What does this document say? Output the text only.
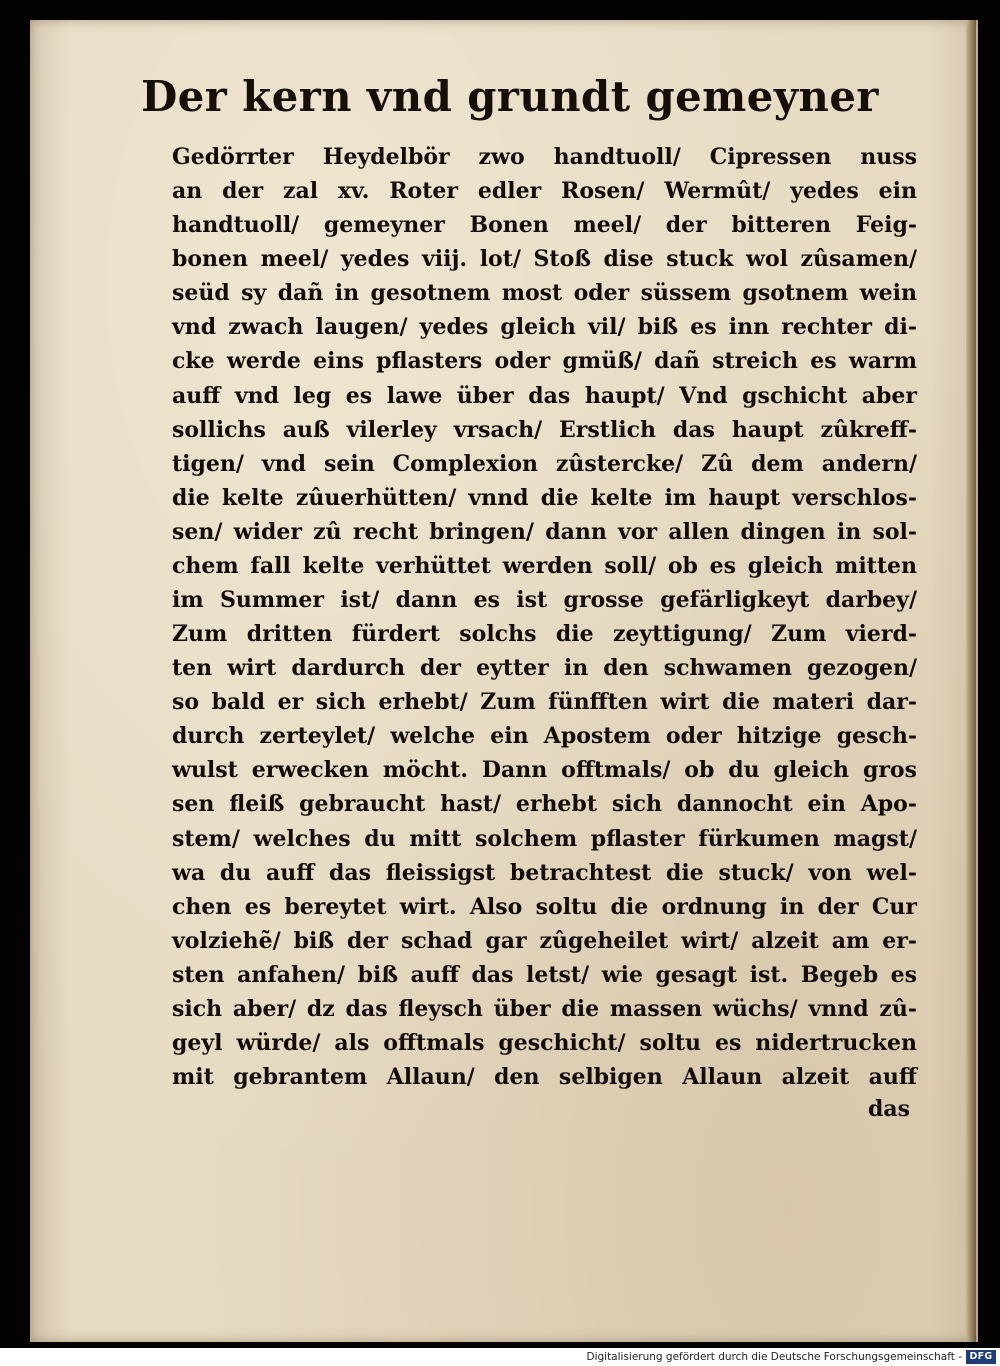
Der kern vnd grundt gemeyner
Gedörrter Heydelbör zwo handtuoll/ Cipressen nuss
an der zal xv. Roter edler Rosen/ Wermût/ yedes ein
handtuoll/ gemeyner Bonen meel/ der bitteren Feig-
bonen meel/ yedes viij. lot/ Stoß dise stuck wol zûsamen/
seüd sy dañ in gesotnem most oder süssem gsotnem wein
vnd zwach laugen/ yedes gleich vil/ biß es inn rechter di-
cke werde eins pflasters oder gmüß/ dañ streich es warm
auff vnd leg es lawe über das haupt/ Vnd gschicht aber
sollichs auß vilerley vrsach/ Erstlich das haupt zûkreff-
tigen/ vnd sein Complexion zûstercke/ Zû dem andern/
die kelte zûuerhütten/ vnnd die kelte im haupt verschlos-
sen/ wider zû recht bringen/ dann vor allen dingen in sol-
chem fall kelte verhüttet werden soll/ ob es gleich mitten
im Summer ist/ dann es ist grosse gefärligkeyt darbey/
Zum dritten fürdert solchs die zeyttigung/ Zum vierd-
ten wirt dardurch der eytter in den schwamen gezogen/
so bald er sich erhebt/ Zum fünfften wirt die materi dar-
durch zerteylet/ welche ein Apostem oder hitzige gesch-
wulst erwecken möcht. Dann offtmals/ ob du gleich gros
sen fleiß gebraucht hast/ erhebt sich dannocht ein Apo-
stem/ welches du mitt solchem pflaster fürkumen magst/
wa du auff das fleissigst betrachtest die stuck/ von wel-
chen es bereytet wirt. Also soltu die ordnung in der Cur
volziehẽ/ biß der schad gar zûgeheilet wirt/ alzeit am er-
sten anfahen/ biß auff das letst/ wie gesagt ist. Begeb es
sich aber/ dz das fleysch über die massen wüchs/ vnnd zû-
geyl würde/ als offtmals geschicht/ soltu es nidertrucken
mit gebrantem Allaun/ den selbigen Allaun alzeit auff

das

Digitalisierung gefördert durch die Deutsche Forschungsgemeinschaft - DFG
